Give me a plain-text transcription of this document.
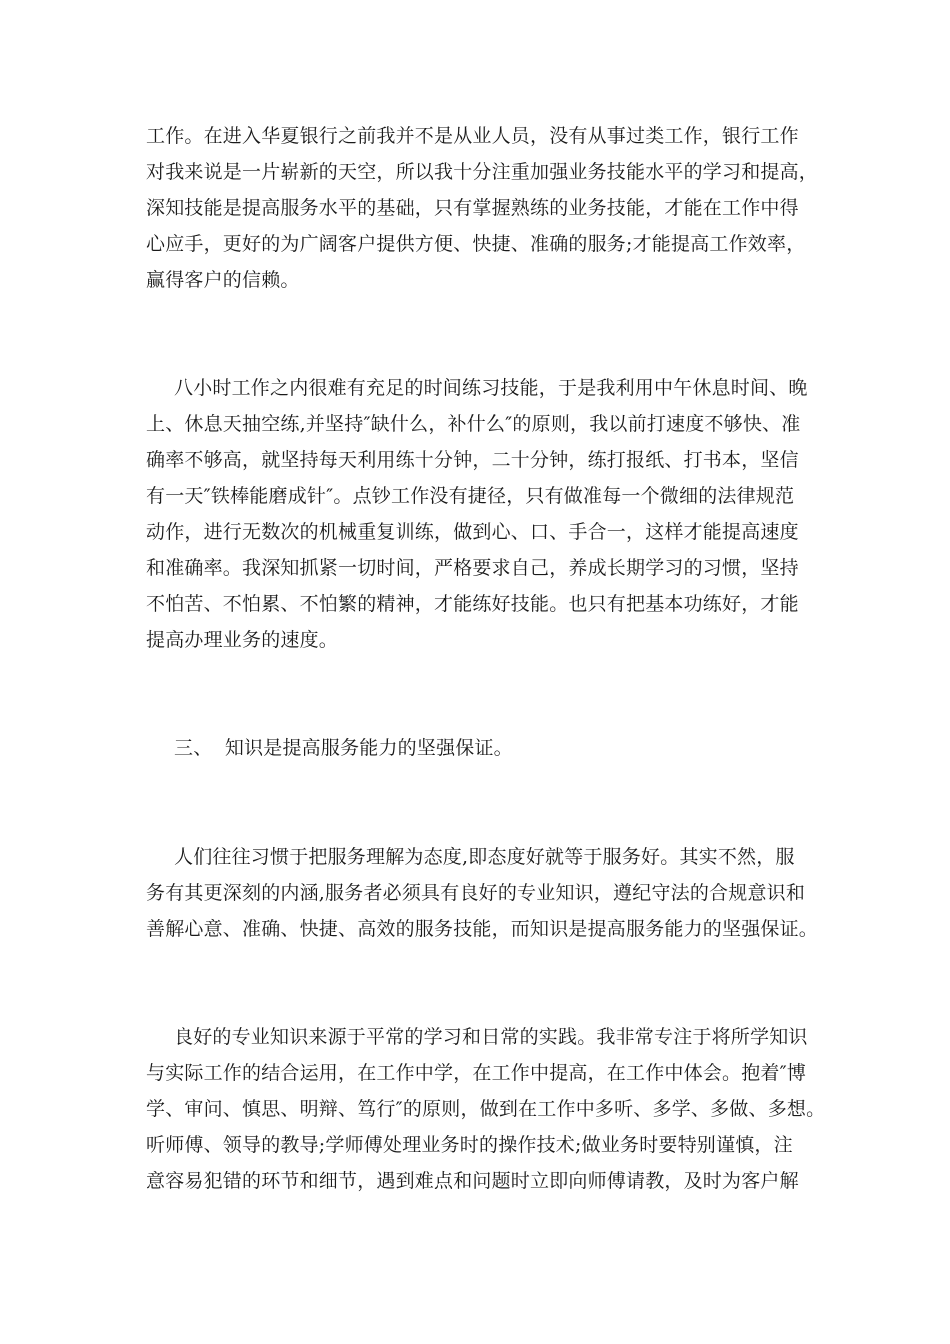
工作。在进入华夏银行之前我并不是从业人员，没有从事过类工作，银行工作
对我来说是一片崭新的天空，所以我十分注重加强业务技能水平的学习和提高，
深知技能是提高服务水平的基础，只有掌握熟练的业务技能，才能在工作中得
心应手，更好的为广阔客户提供方便、快捷、准确的服务;才能提高工作效率，
赢得客户的信赖。
八小时工作之内很难有充足的时间练习技能，于是我利用中午休息时间、晚
上、休息天抽空练,并坚持″缺什么，补什么″的原则，我以前打速度不够快、准
确率不够高，就坚持每天利用练十分钟，二十分钟，练打报纸、打书本，坚信
有一天″铁棒能磨成针″。点钞工作没有捷径，只有做准每一个微细的法律规范
动作，进行无数次的机械重复训练，做到心、口、手合一，这样才能提高速度
和准确率。我深知抓紧一切时间，严格要求自己，养成长期学习的习惯，坚持
不怕苦、不怕累、不怕繁的精神，才能练好技能。也只有把基本功练好，才能
提高办理业务的速度。
三、  知识是提高服务能力的坚强保证。
人们往往习惯于把服务理解为态度,即态度好就等于服务好。其实不然，服
务有其更深刻的内涵,服务者必须具有良好的专业知识，遵纪守法的合规意识和
善解心意、准确、快捷、高效的服务技能，而知识是提高服务能力的坚强保证。
良好的专业知识来源于平常的学习和日常的实践。我非常专注于将所学知识
与实际工作的结合运用，在工作中学，在工作中提高，在工作中体会。抱着″博
学、审问、慎思、明辩、笃行″的原则，做到在工作中多听、多学、多做、多想。
听师傅、领导的教导;学师傅处理业务时的操作技术;做业务时要特别谨慎，注
意容易犯错的环节和细节，遇到难点和问题时立即向师傅请教，及时为客户解
